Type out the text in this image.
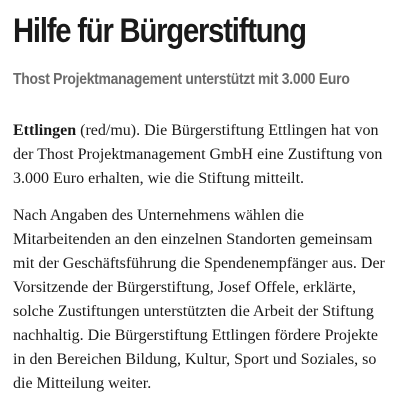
Hilfe für Bürgerstiftung
Thost Projektmanagement unterstützt mit 3.000 Euro

Ettlingen (red/mu). Die Bürgerstiftung Ettlingen hat von der Thost Projektmanagement GmbH eine Zustiftung von 3.000 Euro erhalten, wie die Stiftung mitteilt.

Nach Angaben des Unternehmens wählen die Mitarbeitenden an den einzelnen Standorten gemeinsam mit der Geschäftsführung die Spendenempfänger aus. Der Vorsitzende der Bürgerstiftung, Josef Offele, erklärte, solche Zustiftungen unterstützten die Arbeit der Stiftung nachhaltig. Die Bürgerstiftung Ettlingen fördere Projekte in den Bereichen Bildung, Kultur, Sport und Soziales, so die Mitteilung weiter.
